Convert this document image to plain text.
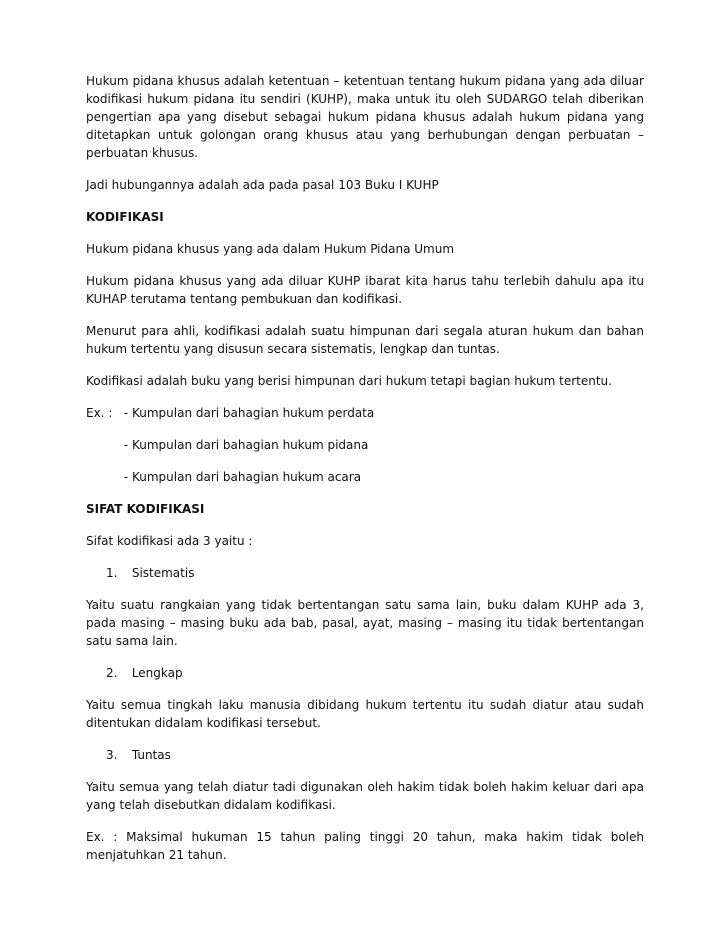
Hukum pidana khusus adalah ketentuan – ketentuan tentang hukum pidana yang ada diluar kodifikasi hukum pidana itu sendiri (KUHP), maka untuk itu oleh SUDARGO telah diberikan pengertian apa yang disebut sebagai hukum pidana khusus adalah hukum pidana yang ditetapkan untuk golongan orang khusus atau yang berhubungan dengan perbuatan – perbuatan khusus.

Jadi hubungannya adalah ada pada pasal 103 Buku I KUHP

KODIFIKASI

Hukum pidana khusus yang ada dalam Hukum Pidana Umum

Hukum pidana khusus yang ada diluar KUHP ibarat kita harus tahu terlebih dahulu apa itu KUHAP terutama tentang pembukuan dan kodifikasi.

Menurut para ahli, kodifikasi adalah suatu himpunan dari segala aturan hukum dan bahan hukum tertentu yang disusun secara sistematis, lengkap dan tuntas.

Kodifikasi adalah buku yang berisi himpunan dari hukum tetapi bagian hukum tertentu.

Ex. : - Kumpulan dari bahagian hukum perdata
- Kumpulan dari bahagian hukum pidana
- Kumpulan dari bahagian hukum acara

SIFAT KODIFIKASI

Sifat kodifikasi ada 3 yaitu :

1. Sistematis

Yaitu suatu rangkaian yang tidak bertentangan satu sama lain, buku dalam KUHP ada 3, pada masing – masing buku ada bab, pasal, ayat, masing – masing itu tidak bertentangan satu sama lain.

2. Lengkap

Yaitu semua tingkah laku manusia dibidang hukum tertentu itu sudah diatur atau sudah ditentukan didalam kodifikasi tersebut.

3. Tuntas

Yaitu semua yang telah diatur tadi digunakan oleh hakim tidak boleh hakim keluar dari apa yang telah disebutkan didalam kodifikasi.

Ex. : Maksimal hukuman 15 tahun paling tinggi 20 tahun, maka hakim tidak boleh menjatuhkan 21 tahun.
